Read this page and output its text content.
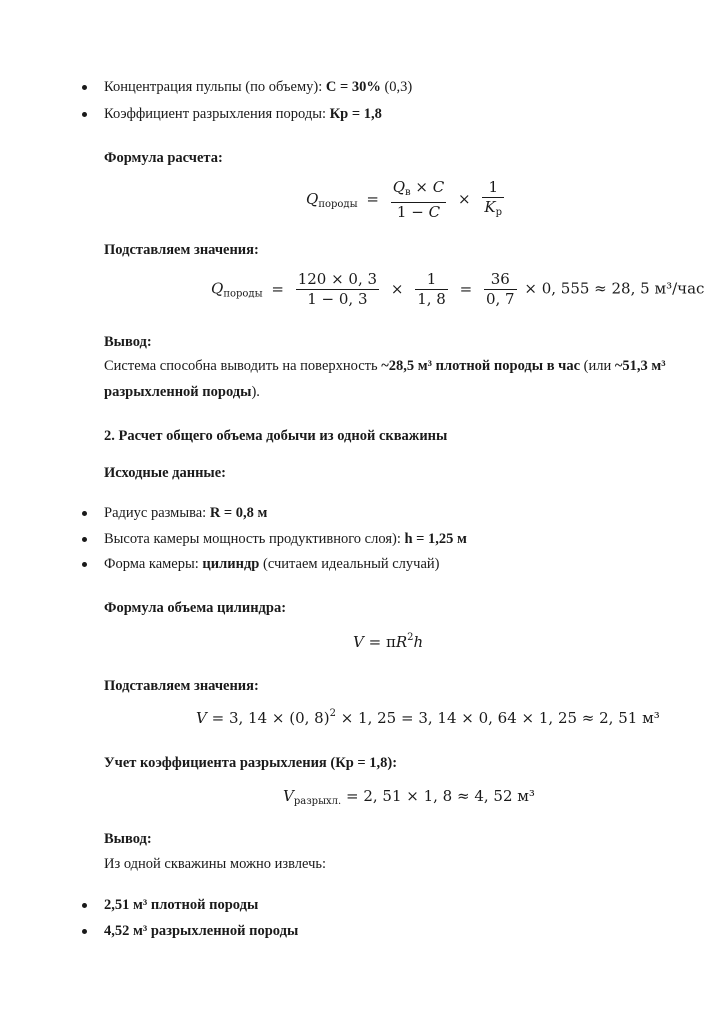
Концентрация пульпы (по объему): C = 30% (0,3)
Коэффициент разрыхления породы: Кр = 1,8
Формула расчета:
$Q_{породы} = \frac{Q_в \times C}{1 - C} \times \frac{1}{K_р}$
Подставляем значения:
$Q_{породы} = \frac{120 \times 0, 3}{1 - 0, 3} \times \frac{1}{1, 8} = \frac{36}{0, 7} \times 0$, 555 ≈ 28, 5 м³/час
Вывод:
Система способна выводить на поверхность ~28,5 м³ плотной породы в час (или ~51,3 м³
разрыхленной породы).
2. Расчет общего объема добычи из одной скважины
Исходные данные:
Радиус размыва: R = 0,8 м
Высота камеры мощность продуктивного слоя): h = 1,25 м
Форма камеры: цилиндр (считаем идеальный случай)
Формула объема цилиндра:
$V = \pi R^2h$
Подставляем значения:
V = 3, 14 × (0, 8)$^2$ × 1, 25 = 3, 14 × 0, 64 × 1, 25 ≈ 2, 51 м³
Учет коэффициента разрыхления (Кр = 1,8):
$V_{разрыхл.} = 2$, 51 × 1, 8 ≈ 4, 52 м³
Вывод:
Из одной скважины можно извлечь:
2,51 м³ плотной породы
4,52 м³ разрыхленной породы
